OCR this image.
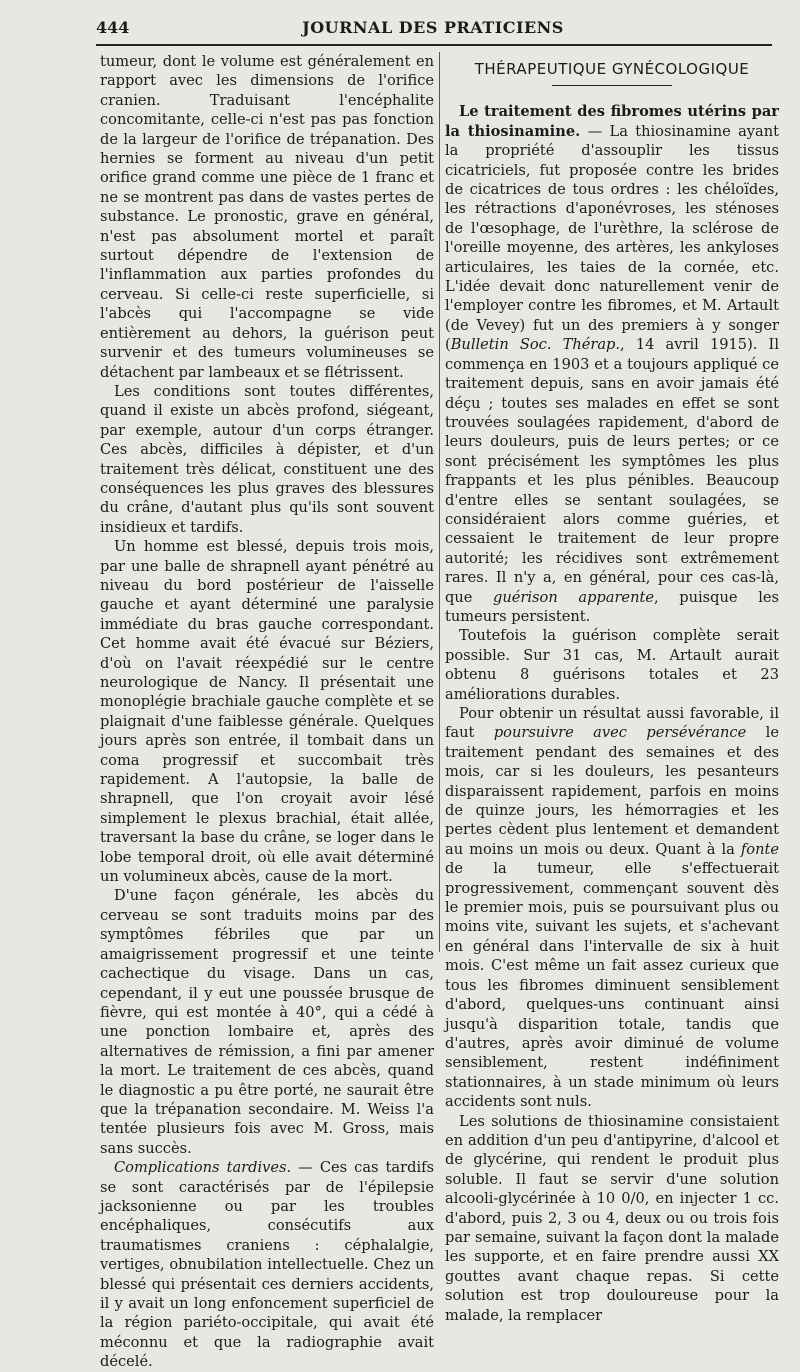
444	JOURNAL DES PRATICIENS

tumeur, dont le volume est généralement en rapport avec les dimensions de l'orifice cranien. Traduisant l'encéphalite concomitante, celle-ci n'est pas pas fonction de la largeur de l'orifice de trépanation. Des hernies se forment au niveau d'un petit orifice grand comme une pièce de 1 franc et ne se montrent pas dans de vastes pertes de substance. Le pronostic, grave en général, n'est pas absolument mortel et paraît surtout dépendre de l'extension de l'inflammation aux parties profondes du cerveau. Si celle-ci reste superficielle, si l'abcès qui l'accompagne se vide entièrement au dehors, la guérison peut survenir et des tumeurs volumineuses se détachent par lambeaux et se flétrissent.

Les conditions sont toutes différentes, quand il existe un abcès profond, siégeant, par exemple, autour d'un corps étranger. Ces abcès, difficiles à dépister, et d'un traitement très délicat, constituent une des conséquences les plus graves des blessures du crâne, d'autant plus qu'ils sont souvent insidieux et tardifs.

Un homme est blessé, depuis trois mois, par une balle de shrapnell ayant pénétré au niveau du bord postérieur de l'aisselle gauche et ayant déterminé une paralysie immédiate du bras gauche correspondant. Cet homme avait été évacué sur Béziers, d'où on l'avait réexpédié sur le centre neurologique de Nancy. Il présentait une monoplégie brachiale gauche complète et se plaignait d'une faiblesse générale. Quelques jours après son entrée, il tombait dans un coma progressif et succombait très rapidement. A l'autopsie, la balle de shrapnell, que l'on croyait avoir lésé simplement le plexus brachial, était allée, traversant la base du crâne, se loger dans le lobe temporal droit, où elle avait déterminé un volumineux abcès, cause de la mort.

D'une façon générale, les abcès du cerveau se sont traduits moins par des symptômes fébriles que par un amaigrissement progressif et une teinte cachectique du visage. Dans un cas, cependant, il y eut une poussée brusque de fièvre, qui est montée à 40°, qui a cédé à une ponction lombaire et, après des alternatives de rémission, a fini par amener la mort. Le traitement de ces abcès, quand le diagnostic a pu être porté, ne saurait être que la trépanation secondaire. M. Weiss l'a tentée plusieurs fois avec M. Gross, mais sans succès.

Complications tardives. — Ces cas tardifs se sont caractérisés par de l'épilepsie jacksonienne ou par les troubles encéphaliques, consécutifs aux traumatismes craniens : céphalalgie, vertiges, obnubilation intellectuelle. Chez un blessé qui présentait ces derniers accidents, il y avait un long enfoncement superficiel de la région pariéto-occipitale, qui avait été méconnu et que la radiographie avait décelé.

THÉRAPEUTIQUE GYNÉCOLOGIQUE

Le traitement des fibromes utérins par la thiosinamine. — La thiosinamine ayant la propriété d'assouplir les tissus cicatriciels, fut proposée contre les brides de cicatrices de tous ordres : les chéloïdes, les rétractions d'aponévroses, les sténoses de l'œsophage, de l'urèthre, la sclérose de l'oreille moyenne, des artères, les ankyloses articulaires, les taies de la cornée, etc. L'idée devait donc naturellement venir de l'employer contre les fibromes, et M. Artault (de Vevey) fut un des premiers à y songer (Bulletin Soc. Thérap., 14 avril 1915). Il commença en 1903 et a toujours appliqué ce traitement depuis, sans en avoir jamais été déçu ; toutes ses malades en effet se sont trouvées soulagées rapidement, d'abord de leurs douleurs, puis de leurs pertes; or ce sont précisément les symptômes les plus frappants et les plus pénibles. Beaucoup d'entre elles se sentant soulagées, se considéraient alors comme guéries, et cessaient le traitement de leur propre autorité; les récidives sont extrêmement rares. Il n'y a, en général, pour ces cas-là, que guérison apparente, puisque les tumeurs persistent.

Toutefois la guérison complète serait possible. Sur 31 cas, M. Artault aurait obtenu 8 guérisons totales et 23 améliorations durables.

Pour obtenir un résultat aussi favorable, il faut poursuivre avec persévérance le traitement pendant des semaines et des mois, car si les douleurs, les pesanteurs disparaissent rapidement, parfois en moins de quinze jours, les hémorragies et les pertes cèdent plus lentement et demandent au moins un mois ou deux. Quant à la fonte de la tumeur, elle s'effectuerait progressivement, commençant souvent dès le premier mois, puis se poursuivant plus ou moins vite, suivant les sujets, et s'achevant en général dans l'intervalle de six à huit mois. C'est même un fait assez curieux que tous les fibromes diminuent sensiblement d'abord, quelques-uns continuant ainsi jusqu'à disparition totale, tandis que d'autres, après avoir diminué de volume sensiblement, restent indéfiniment stationnaires, à un stade minimum où leurs accidents sont nuls.

Les solutions de thiosinamine consistaient en addition d'un peu d'antipyrine, d'alcool et de glycérine, qui rendent le produit plus soluble. Il faut se servir d'une solution alcooli-glycérinée à 10 0/0, en injecter 1 cc. d'abord, puis 2, 3 ou 4, deux ou ou trois fois par semaine, suivant la façon dont la malade les supporte, et en faire prendre aussi XX gouttes avant chaque repas. Si cette solution est trop douloureuse pour la malade, la remplacer
